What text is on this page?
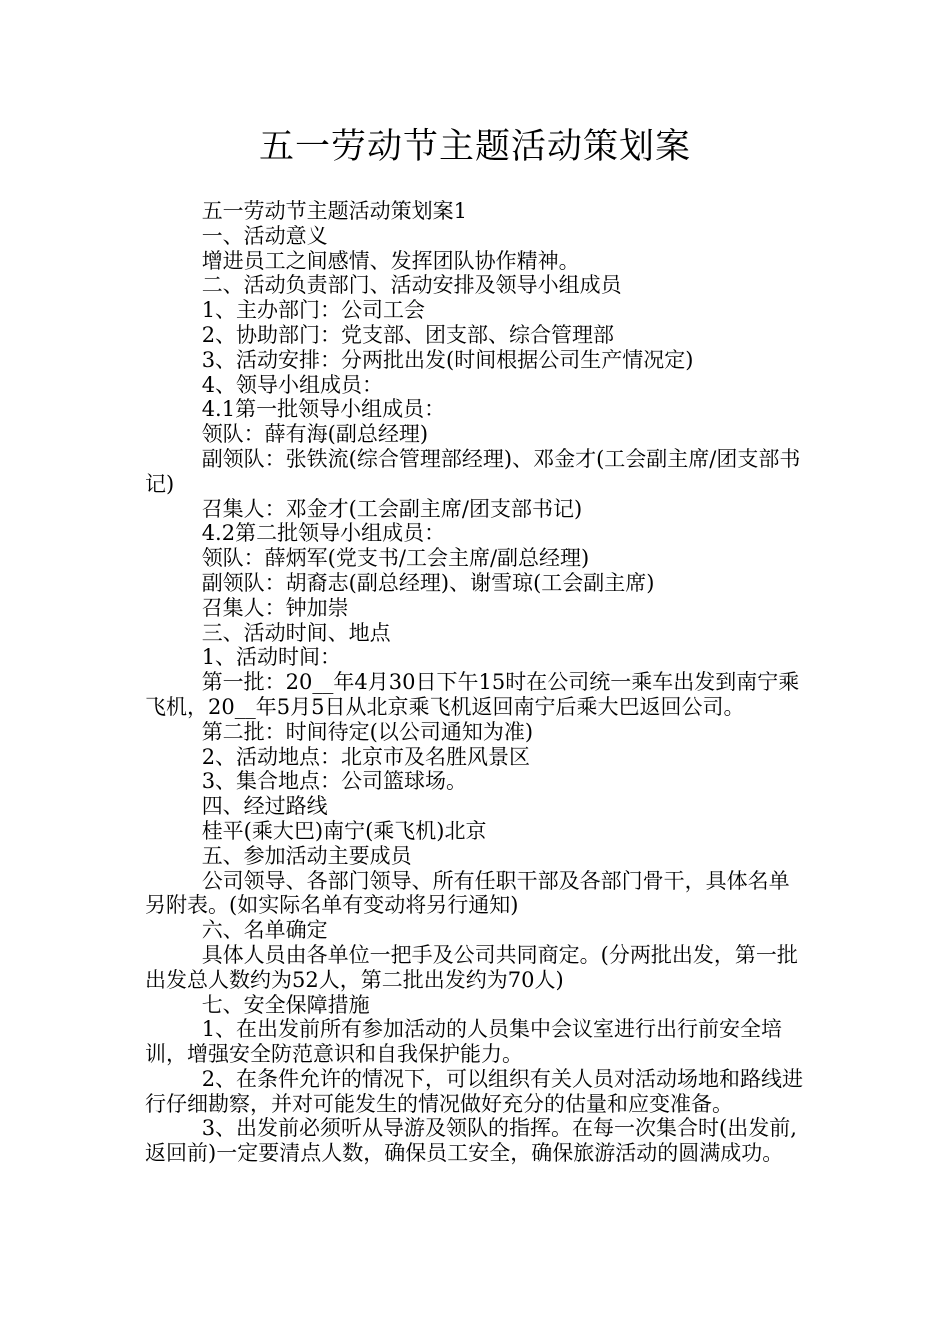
五一劳动节主题活动策划案

五一劳动节主题活动策划案1

一、活动意义

增进员工之间感情、发挥团队协作精神。

二、活动负责部门、活动安排及领导小组成员

1、主办部门：公司工会

2、协助部门：党支部、团支部、综合管理部

3、活动安排：分两批出发(时间根据公司生产情况定)

4、领导小组成员：

4.1第一批领导小组成员：

领队：薛有海(副总经理)

副领队：张铁流(综合管理部经理)、邓金才(工会副主席/团支部书记)

召集人：邓金才(工会副主席/团支部书记)

4.2第二批领导小组成员：

领队：薛炳军(党支书/工会主席/副总经理)

副领队：胡裔志(副总经理)、谢雪琼(工会副主席)

召集人：钟加崇

三、活动时间、地点

1、活动时间：

第一批：20__年4月30日下午15时在公司统一乘车出发到南宁乘飞机，20__年5月5日从北京乘飞机返回南宁后乘大巴返回公司。

第二批：时间待定(以公司通知为准)

2、活动地点：北京市及名胜风景区

3、集合地点：公司篮球场。

四、经过路线

桂平(乘大巴)南宁(乘飞机)北京

五、参加活动主要成员

公司领导、各部门领导、所有任职干部及各部门骨干，具体名单另附表。(如实际名单有变动将另行通知)

六、名单确定

具体人员由各单位一把手及公司共同商定。(分两批出发，第一批出发总人数约为52人，第二批出发约为70人)

七、安全保障措施

1、在出发前所有参加活动的人员集中会议室进行出行前安全培训，增强安全防范意识和自我保护能力。

2、在条件允许的情况下，可以组织有关人员对活动场地和路线进行仔细勘察，并对可能发生的情况做好充分的估量和应变准备。

3、出发前必须听从导游及领队的指挥。在每一次集合时(出发前,返回前)一定要清点人数，确保员工安全，确保旅游活动的圆满成功。
